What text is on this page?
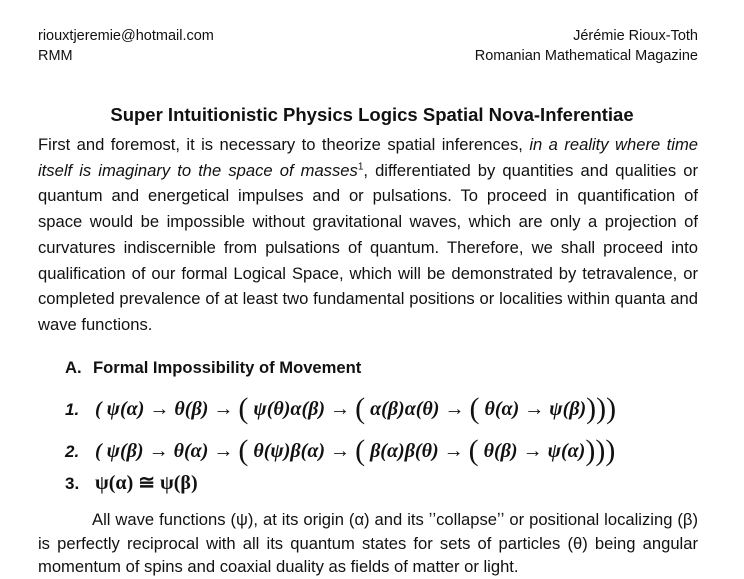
riouxtjeremie@hotmail.com
RMM
Jérémie Rioux-Toth
Romanian Mathematical Magazine
Super Intuitionistic Physics Logics Spatial Nova-Inferentiae
First and foremost, it is necessary to theorize spatial inferences, in a reality where time itself is imaginary to the space of masses$^1$, differentiated by quantities and qualities or quantum and energetical impulses and or pulsations. To proceed in quantification of space would be impossible without gravitational waves, which are only a projection of curvatures indiscernible from pulsations of quantum. Therefore, we shall proceed into qualification of our formal Logical Space, which will be demonstrated by tetravalence, or completed prevalence of at least two fundamental positions or localities within quanta and wave functions.
A. Formal Impossibility of Movement
1. ( ψ(α) → θ(β) → ( ψ(θ)α(β) → ( α(β)α(θ) → ( θ(α) → ψ(β))))
2. ( ψ(β) → θ(α) → ( θ(ψ)β(α) → ( β(α)β(θ) → ( θ(β) → ψ(α))))
3. ψ(α) ≅ ψ(β)
All wave functions (ψ), at its origin (α) and its ʼʼcollapseʼʼ or positional localizing (β) is perfectly reciprocal with all its quantum states for sets of particles (θ) being angular momentum of spins and coaxial duality as fields of matter or light.
